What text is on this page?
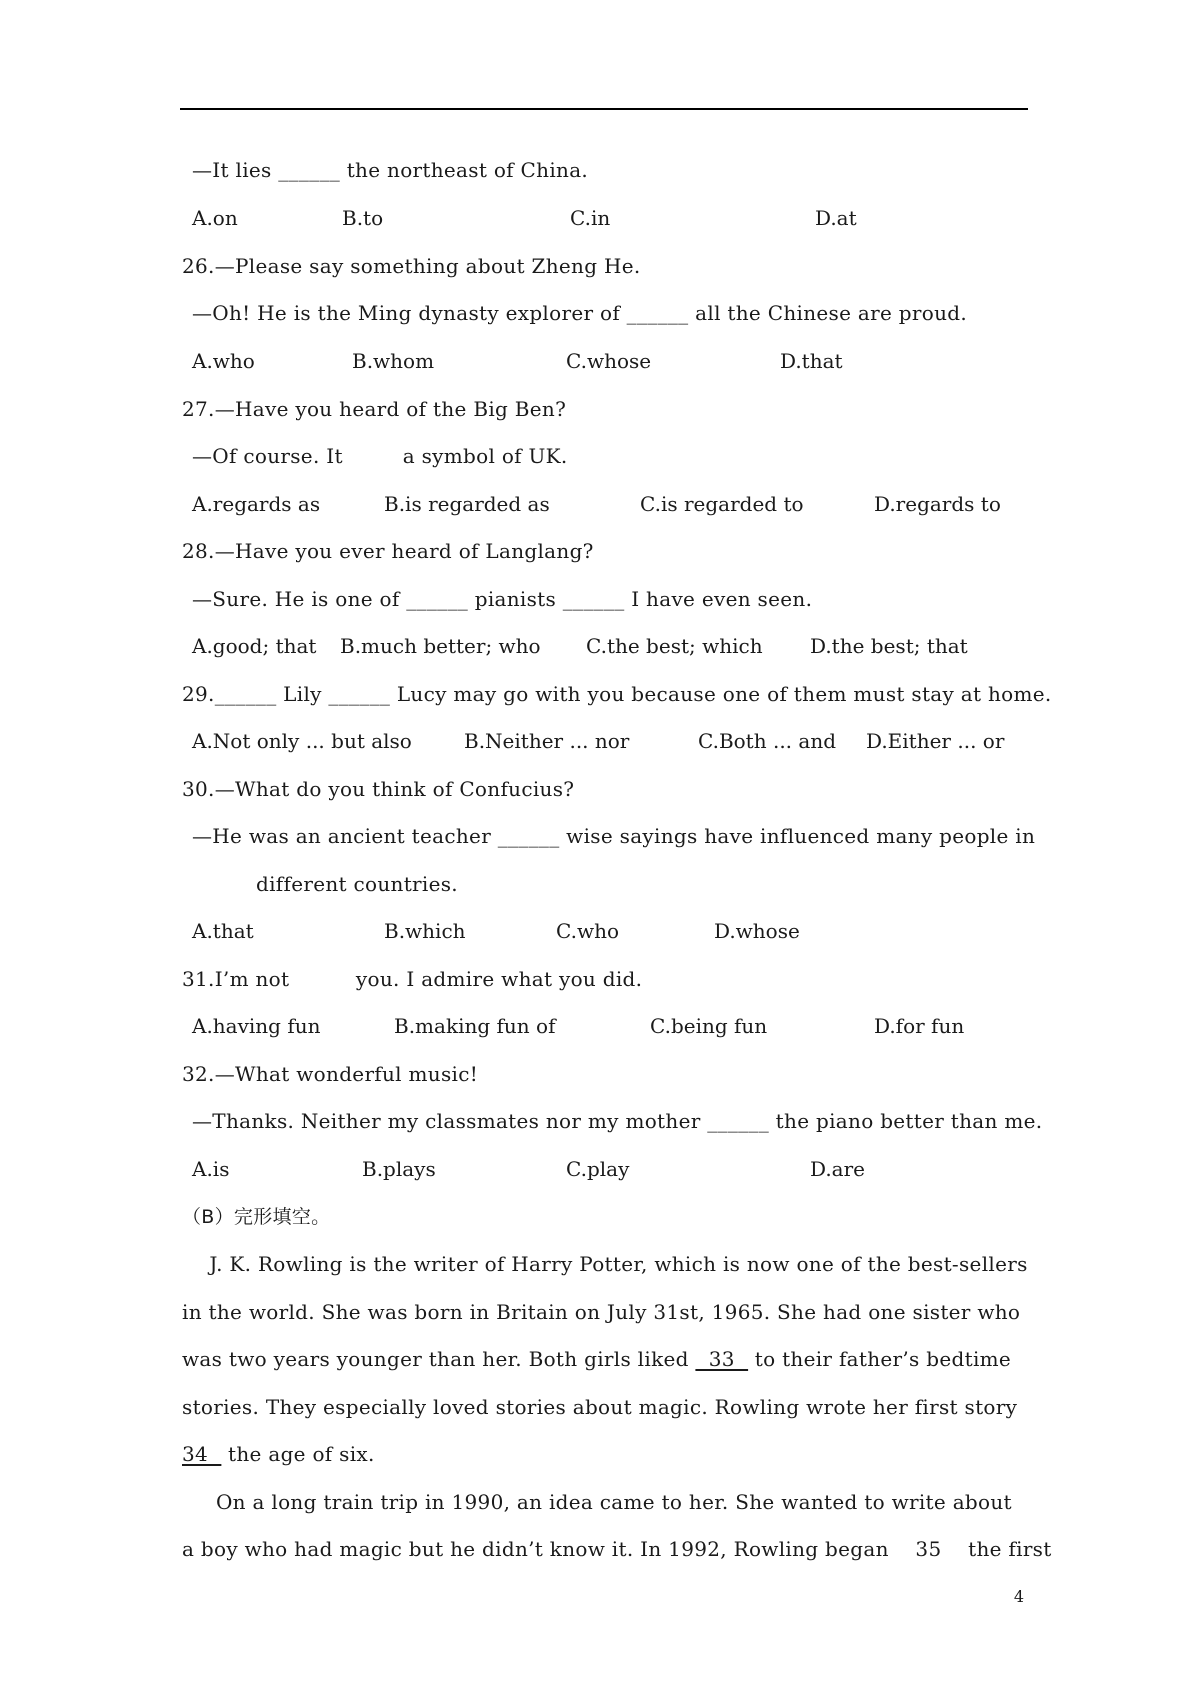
—It lies ______ the northeast of China.
A.on	B.to	C.in	D.at
26.—Please say something about Zheng He.
—Oh! He is the Ming dynasty explorer of ______ all the Chinese are proud.
A.who	B.whom	C.whose	D.that
27.—Have you heard of the Big Ben?
—Of course. It         a symbol of UK.
A.regards as	B.is regarded as	C.is regarded to	D.regards to
28.—Have you ever heard of Langlang?
—Sure. He is one of ______ pianists ______ I have even seen.
A.good; that B.much better; who C.the best; which D.the best; that
29.______ Lily ______ Lucy may go with you because one of them must stay at home.
A.Not only ... but also	B.Neither ... nor	C.Both ... and D.Either ... or
30.—What do you think of Confucius?
—He was an ancient teacher ______ wise sayings have influenced many people in
different countries.
A.that	B.which	C.who	D.whose
31.I’m not          you. I admire what you did.
A.having fun	B.making fun of	C.being fun	D.for fun
32.—What wonderful music!
—Thanks. Neither my classmates nor my mother ______ the piano better than me.
A.is	B.plays	C.play	D.are
（B）完形填空。
J. K. Rowling is the writer of Harry Potter, which is now one of the best-sellers
in the world. She was born in Britain on July 31st, 1965. She had one sister who
was two years younger than her. Both girls liked   33   to their father’s bedtime
stories. They especially loved stories about magic. Rowling wrote her first story
34   the age of six.
On a long train trip in 1990, an idea came to her. She wanted to write about
a boy who had magic but he didn’t know it. In 1992, Rowling began    35    the first
4
